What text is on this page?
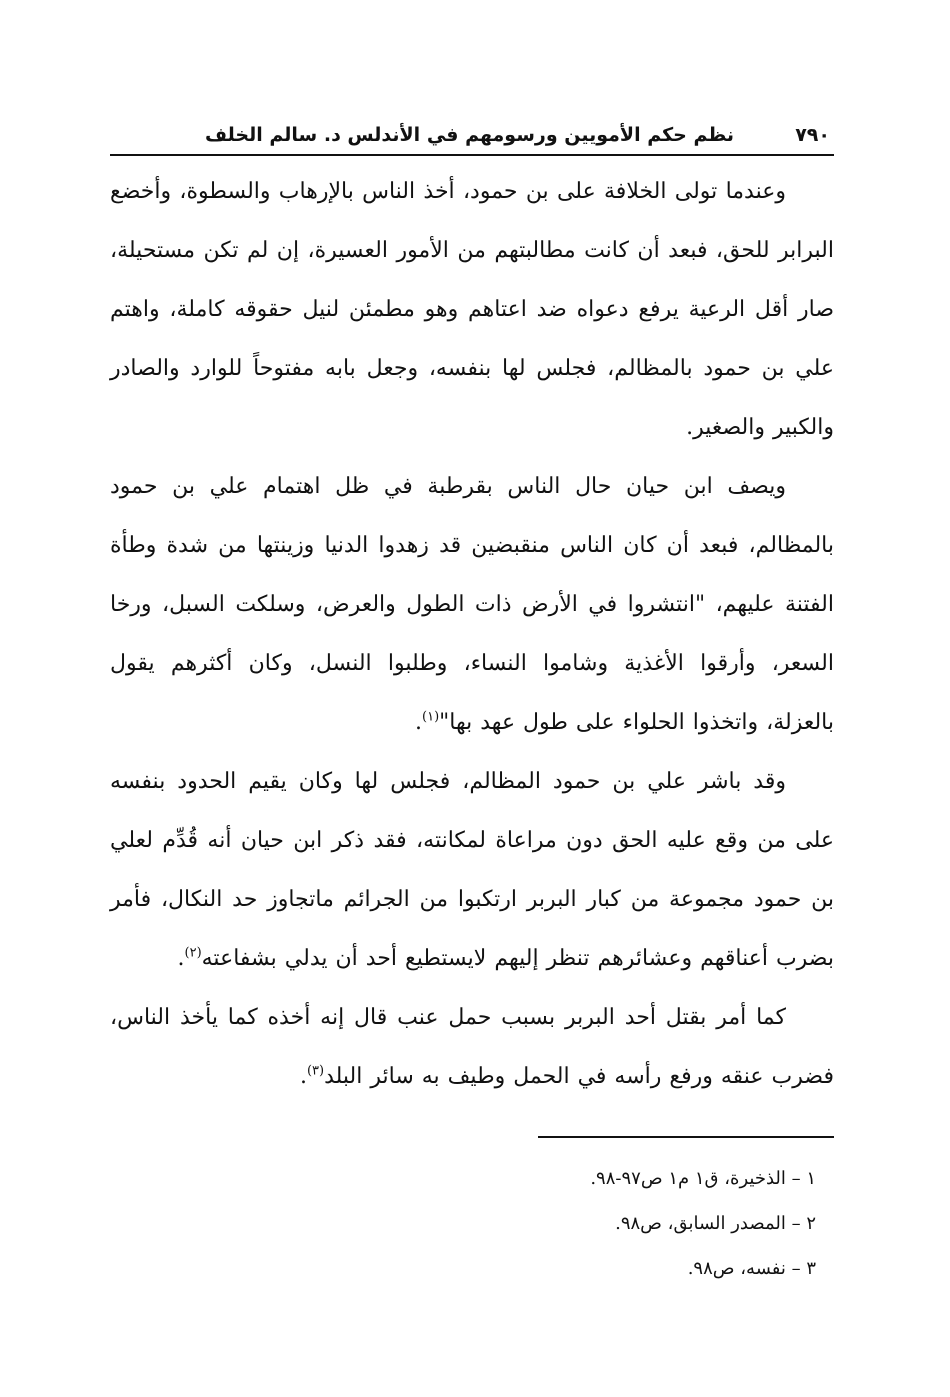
٧٩٠
نظم حكم الأمويين ورسومهم في الأندلس د. سالم الخلف

وعندما تولى الخلافة على بن حمود، أخذ الناس بالإرهاب والسطوة، وأخضع البرابر للحق، فبعد أن كانت مطالبتهم من الأمور العسيرة، إن لم تكن مستحيلة، صار أقل الرعية يرفع دعواه ضد اعتاهم وهو مطمئن لنيل حقوقه كاملة، واهتم علي بن حمود بالمظالم، فجلس لها بنفسه، وجعل بابه مفتوحاً للوارد والصادر والكبير والصغير.

ويصف ابن حيان حال الناس بقرطبة في ظل اهتمام علي بن حمود بالمظالم، فبعد أن كان الناس منقبضين قد زهدوا الدنيا وزينتها من شدة وطأة الفتنة عليهم، "انتشروا في الأرض ذات الطول والعرض، وسلكت السبل، ورخا السعر، وأرقوا الأغذية وشاموا النساء، وطلبوا النسل، وكان أكثرهم يقول بالعزلة، واتخذوا الحلواء على طول عهد بها"$^{(١)}$.

وقد باشر علي بن حمود المظالم، فجلس لها وكان يقيم الحدود بنفسه على من وقع عليه الحق دون مراعاة لمكانته، فقد ذكر ابن حيان أنه قُدِّم لعلي بن حمود مجموعة من كبار البربر ارتكبوا من الجرائم ماتجاوز حد النكال، فأمر بضرب أعناقهم وعشائرهم تنظر إليهم لايستطيع أحد أن يدلي بشفاعته$^{(٢)}$.

كما أمر بقتل أحد البربر بسبب حمل عنب قال إنه أخذه كما يأخذ الناس، فضرب عنقه ورفع رأسه في الحمل وطيف به سائر البلد$^{(٣)}$.

١ – الذخيرة، ق١ م١ ص٩٧-٩٨.
٢ – المصدر السابق، ص٩٨.
٣ – نفسه، ص٩٨.
